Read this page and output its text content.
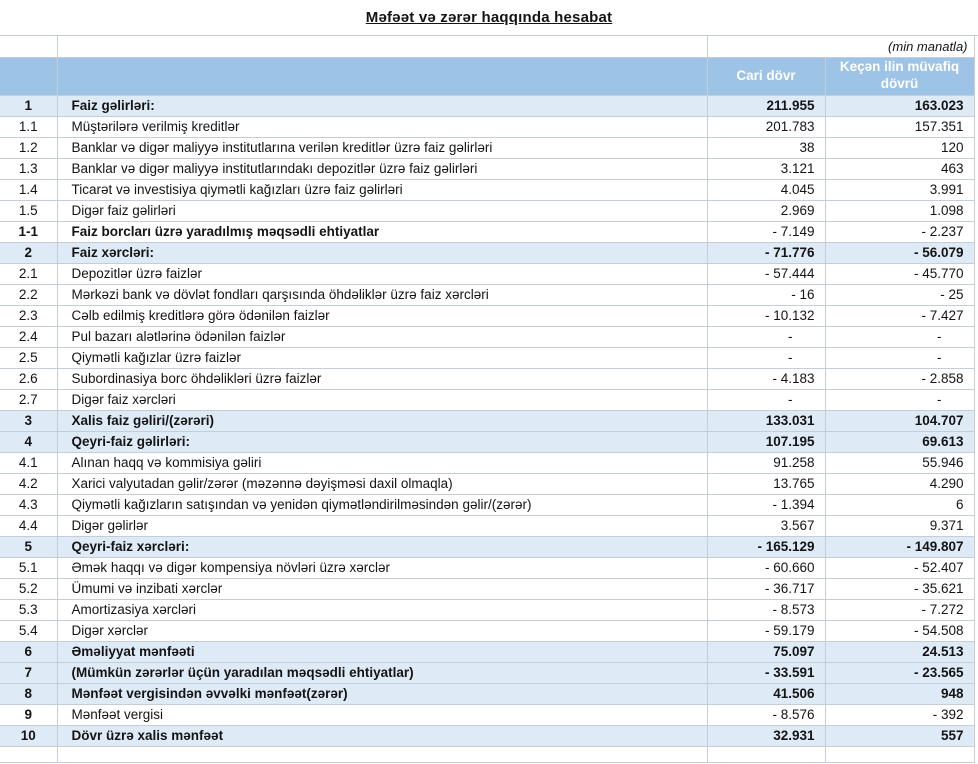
Məfəət və zərər haqqında hesabat
		(min manatla)	
		Cari dövr	Keçən ilin müvafiq dövrü
1	Faiz gəlirləri:	211.955	163.023
1.1	Müştərilərə verilmiş kreditlər	201.783	157.351
1.2	Banklar və digər maliyyə institutlarına verilən kreditlər üzrə faiz gəlirləri	38	120
1.3	Banklar və digər maliyyə institutlarındakı depozitlər üzrə faiz gəlirləri	3.121	463
1.4	Ticarət və investisiya qiymətli kağızları üzrə faiz gəlirləri	4.045	3.991
1.5	Digər faiz gəlirləri	2.969	1.098
1-1	Faiz borcları üzrə yaradılmış məqsədli ehtiyatlar	- 7.149	- 2.237
2	Faiz xərcləri:	- 71.776	- 56.079
2.1	Depozitlər üzrə faizlər	- 57.444	- 45.770
2.2	Mərkəzi bank və dövlət fondları qarşısında öhdəliklər üzrə faiz xərcləri	- 16	- 25
2.3	Cəlb edilmiş kreditlərə görə ödənilən faizlər	- 10.132	- 7.427
2.4	Pul bazarı alətlərinə ödənilən faizlər	-	-
2.5	Qiymətli kağızlar üzrə faizlər	-	-
2.6	Subordinasiya borc öhdəlikləri üzrə faizlər	- 4.183	- 2.858
2.7	Digər faiz xərcləri	-	-
3	Xalis faiz gəliri/(zərəri)	133.031	104.707
4	Qeyri-faiz gəlirləri:	107.195	69.613
4.1	Alınan haqq və kommisiya gəliri	91.258	55.946
4.2	Xarici valyutadan gəlir/zərər (məzənnə dəyişməsi daxil olmaqla)	13.765	4.290
4.3	Qiymətli kağızların satışından və yenidən qiymətləndirilməsindən gəlir/(zərər)	- 1.394	6
4.4	Digər gəlirlər	3.567	9.371
5	Qeyri-faiz xərcləri:	- 165.129	- 149.807
5.1	Əmək haqqı və digər kompensiya növləri üzrə xərclər	- 60.660	- 52.407
5.2	Ümumi və inzibati xərclər	- 36.717	- 35.621
5.3	Amortizasiya xərcləri	- 8.573	- 7.272
5.4	Digər xərclər	- 59.179	- 54.508
6	Əməliyyat mənfəəti	75.097	24.513
7	(Mümkün zərərlər üçün yaradılan məqsədli ehtiyatlar)	- 33.591	- 23.565
8	Mənfəət vergisindən əvvəlki mənfəət(zərər)	41.506	948
9	Mənfəət vergisi	- 8.576	- 392
10	Dövr üzrə xalis mənfəət	32.931	557
